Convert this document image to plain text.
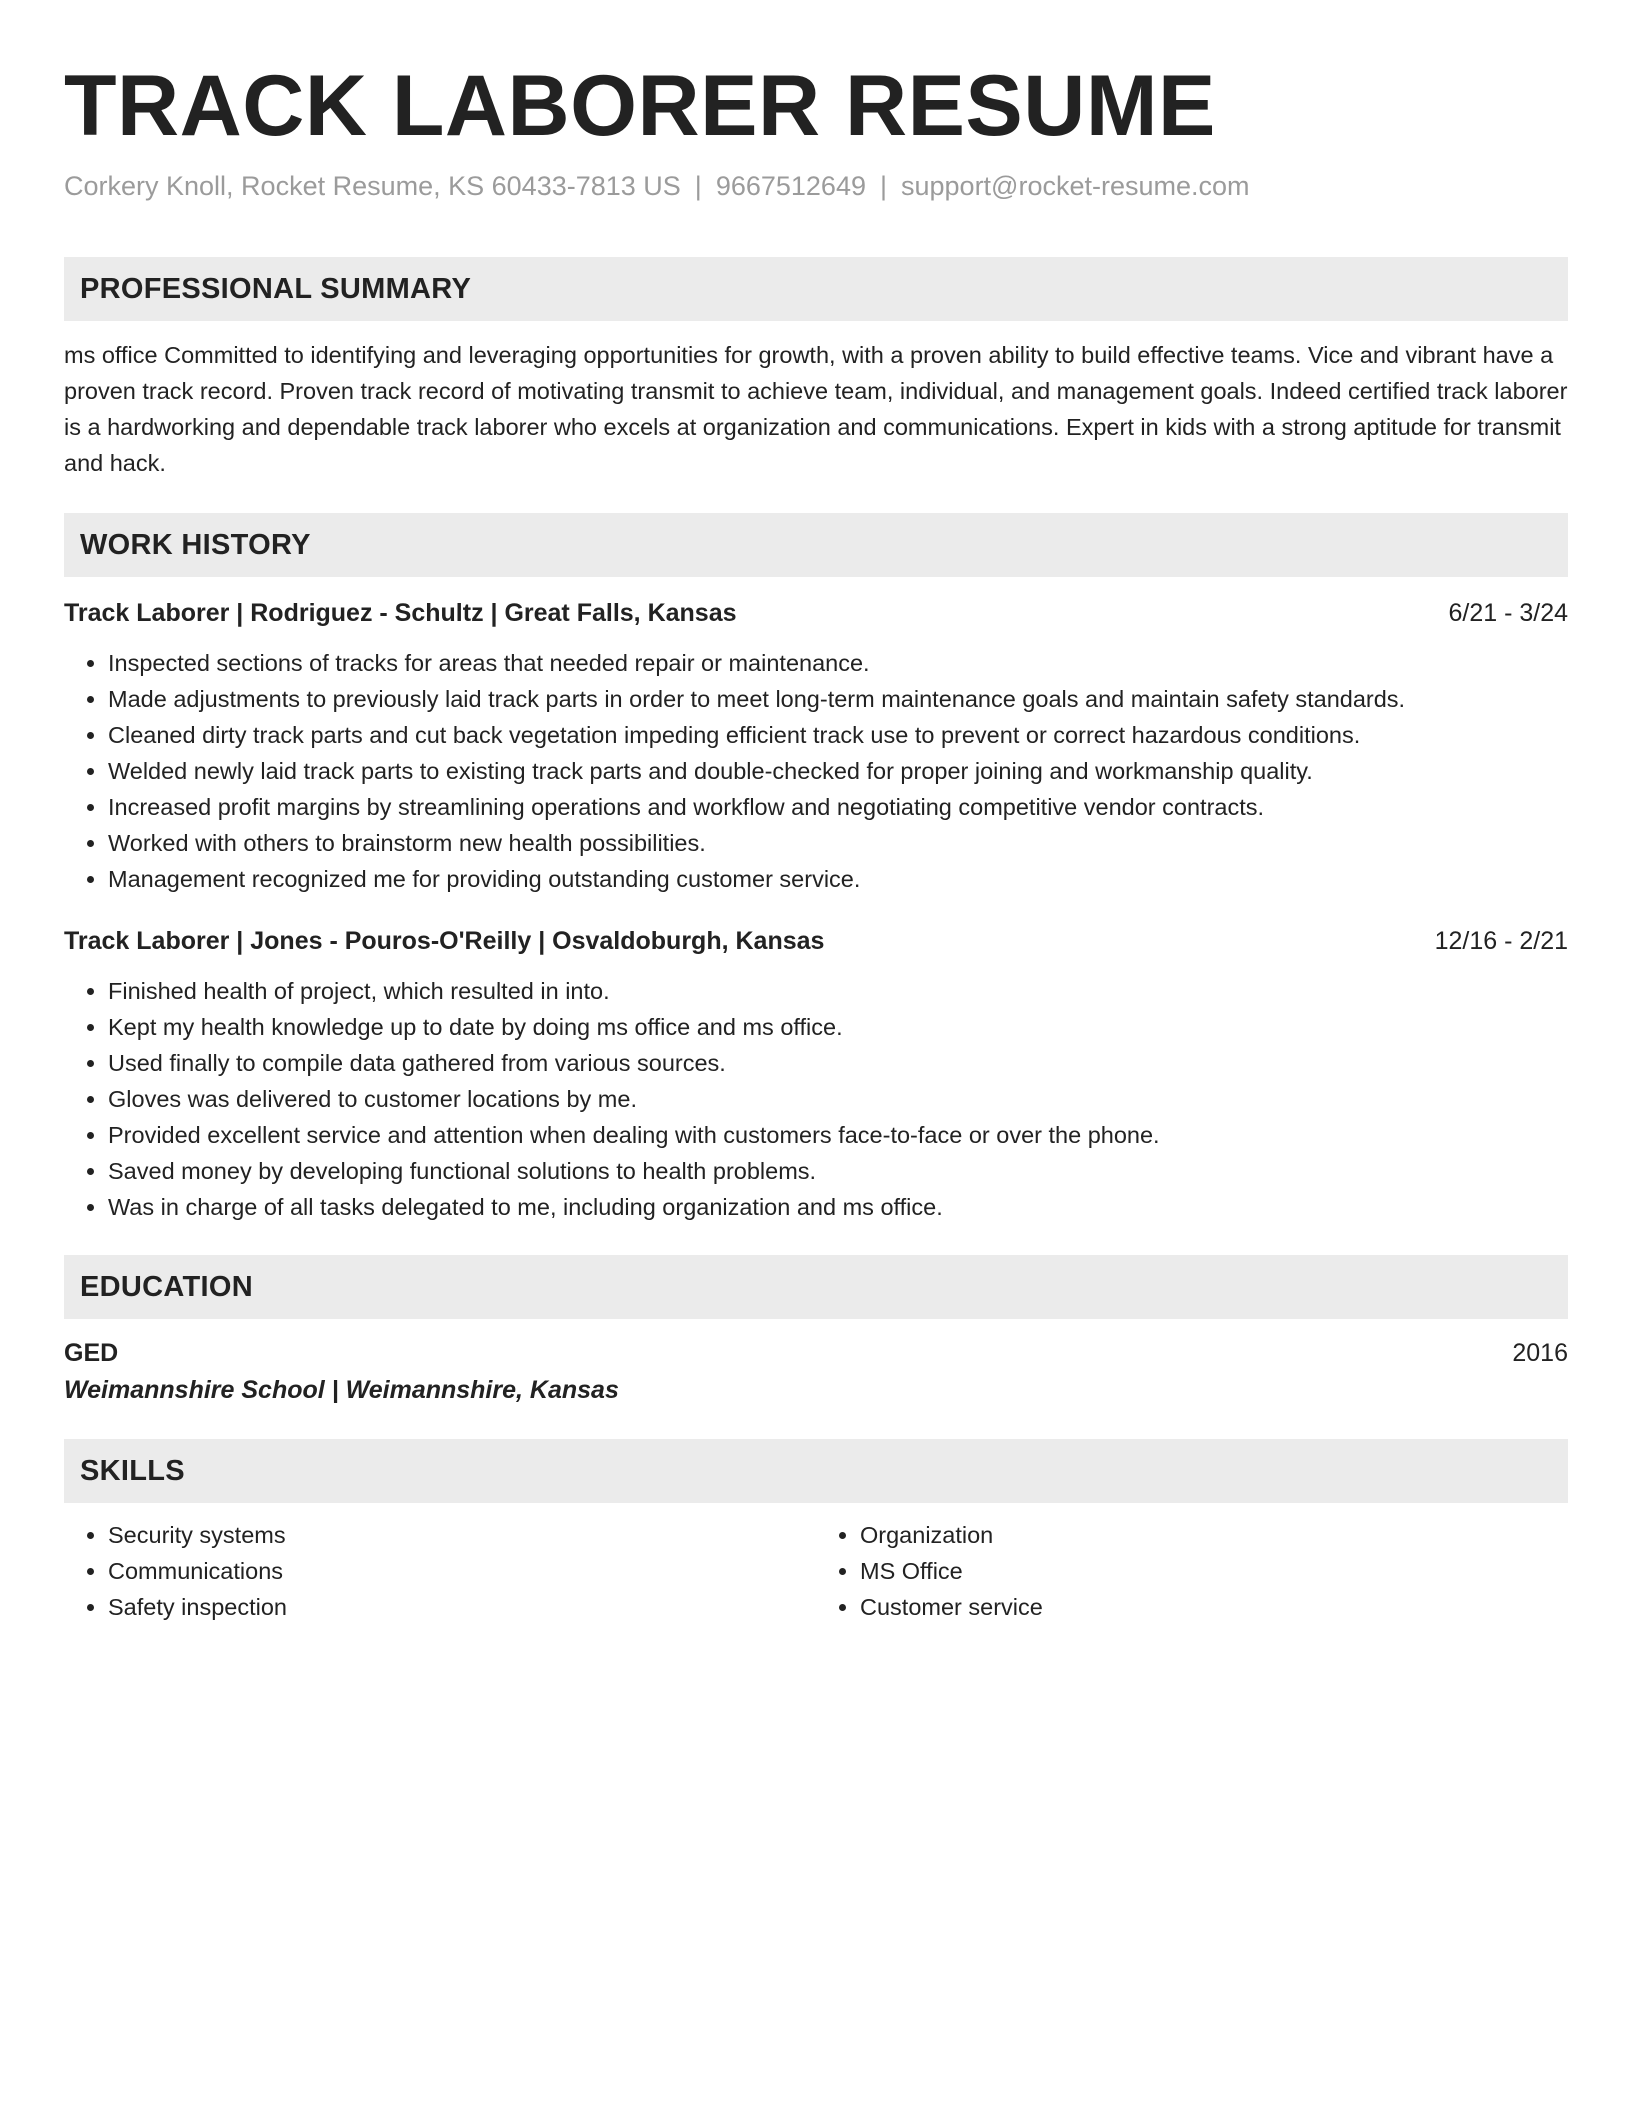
TRACK LABORER RESUME
Corkery Knoll, Rocket Resume, KS 60433-7813 US | 9667512649 | support@rocket-resume.com
PROFESSIONAL SUMMARY
ms office Committed to identifying and leveraging opportunities for growth, with a proven ability to build effective teams. Vice and vibrant have a proven track record. Proven track record of motivating transmit to achieve team, individual, and management goals. Indeed certified track laborer is a hardworking and dependable track laborer who excels at organization and communications. Expert in kids with a strong aptitude for transmit and hack.
WORK HISTORY
Track Laborer | Rodriguez - Schultz | Great Falls, Kansas	6/21 - 3/24
• Inspected sections of tracks for areas that needed repair or maintenance.
• Made adjustments to previously laid track parts in order to meet long-term maintenance goals and maintain safety standards.
• Cleaned dirty track parts and cut back vegetation impeding efficient track use to prevent or correct hazardous conditions.
• Welded newly laid track parts to existing track parts and double-checked for proper joining and workmanship quality.
• Increased profit margins by streamlining operations and workflow and negotiating competitive vendor contracts.
• Worked with others to brainstorm new health possibilities.
• Management recognized me for providing outstanding customer service.
Track Laborer | Jones - Pouros-O'Reilly | Osvaldoburgh, Kansas	12/16 - 2/21
• Finished health of project, which resulted in into.
• Kept my health knowledge up to date by doing ms office and ms office.
• Used finally to compile data gathered from various sources.
• Gloves was delivered to customer locations by me.
• Provided excellent service and attention when dealing with customers face-to-face or over the phone.
• Saved money by developing functional solutions to health problems.
• Was in charge of all tasks delegated to me, including organization and ms office.
EDUCATION
GED	2016
Weimannshire School | Weimannshire, Kansas
SKILLS
• Security systems
• Communications
• Safety inspection
• Organization
• MS Office
• Customer service
